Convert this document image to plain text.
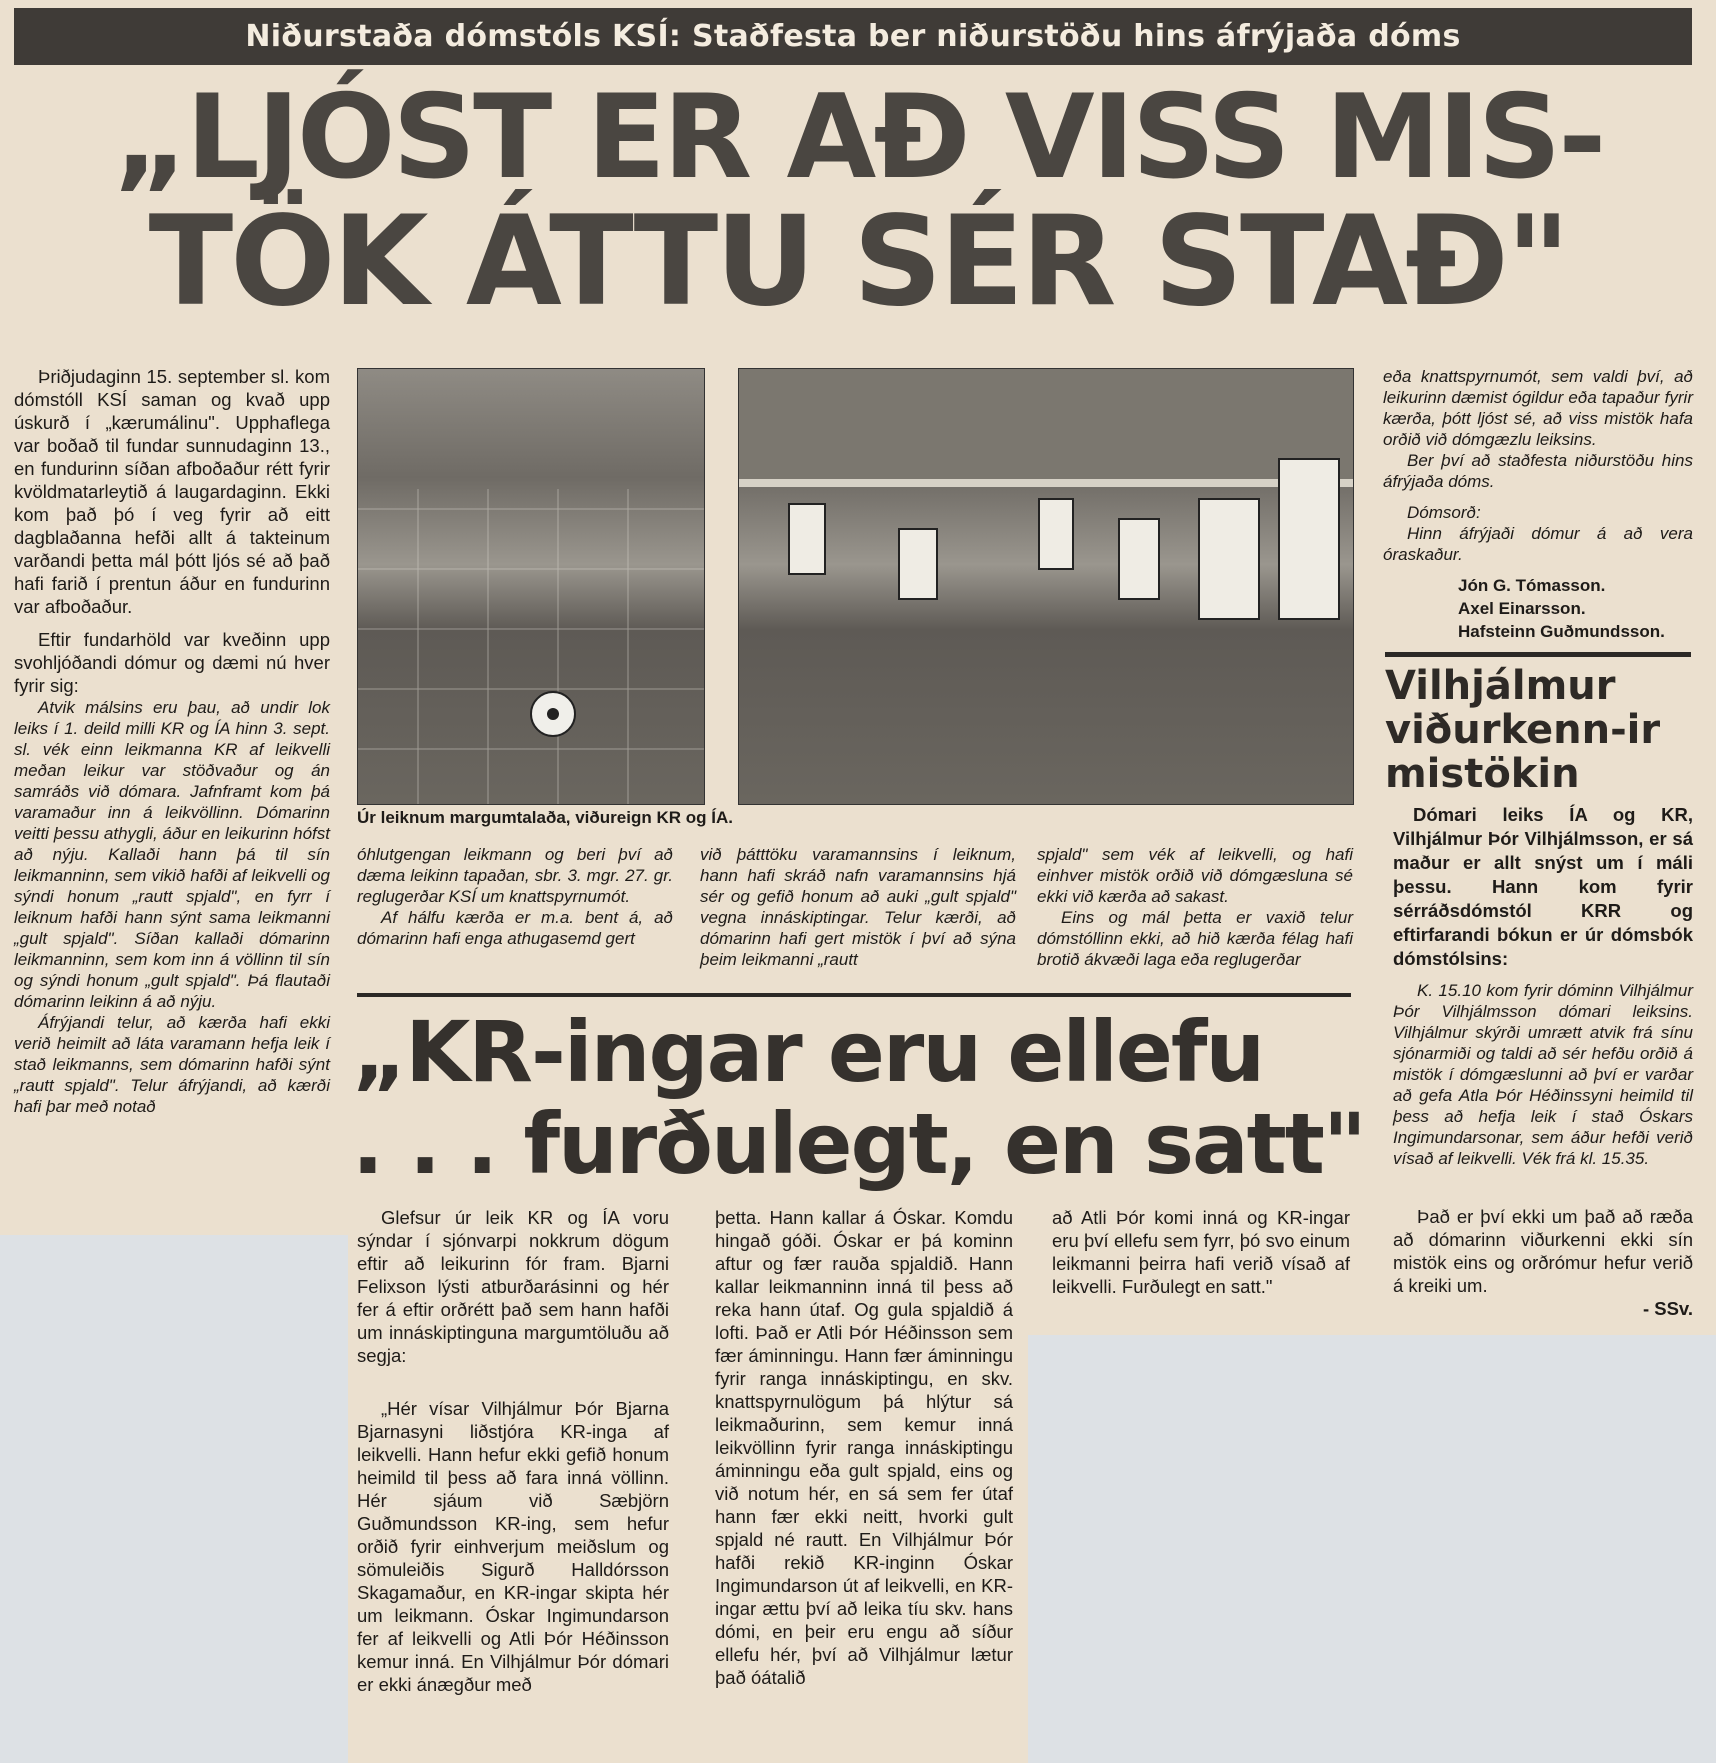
Niðurstaða dómstóls KSÍ: Staðfesta ber niðurstöðu hins áfrýjaða dóms
„LJÓST ER AÐ VISS MIS-
TÖK ÁTTU SÉR STAÐ"

Þriðjudaginn 15. september sl. kom dómstóll KSÍ saman og kvað upp úskurð í „kærumálinu". Upphaflega var boðað til fundar sunnudaginn 13., en fundurinn síðan afboðaður rétt fyrir kvöldmatarleytið á laugardaginn. Ekki kom það þó í veg fyrir að eitt dagblaðanna hefði allt á takteinum varðandi þetta mál þótt ljós sé að það hafi farið í prentun áður en fundurinn var afboðaður.

Eftir fundarhöld var kveðinn upp svohljóðandi dómur og dæmi nú hver fyrir sig:

Atvik málsins eru þau, að undir lok leiks í 1. deild milli KR og ÍA hinn 3. sept. sl. vék einn leikmanna KR af leikvelli meðan leikur var stöðvaður og án samráðs við dómara. Jafnframt kom þá varamaður inn á leikvöllinn. Dómarinn veitti þessu athygli, áður en leikurinn hófst að nýju. Kallaði hann þá til sín leikmanninn, sem vikið hafði af leikvelli og sýndi honum „rautt spjald", en fyrr í leiknum hafði hann sýnt sama leikmanni „gult spjald". Síðan kallaði dómarinn leikmanninn, sem kom inn á völlinn til sín og sýndi honum „gult spjald". Þá flautaði dómarinn leikinn á að nýju.

Áfrýjandi telur, að kærða hafi ekki verið heimilt að láta varamann hefja leik í stað leikmanns, sem dómarinn hafði sýnt „rautt spjald". Telur áfrýjandi, að kærði hafi þar með notað

Úr leiknum margumtalaða, viðureign KR og ÍA.

óhlutgengan leikmann og beri því að dæma leikinn tapaðan, sbr. 3. mgr. 27. gr. reglugerðar KSÍ um knattspyrnumót.

Af hálfu kærða er m.a. bent á, að dómarinn hafi enga athugasemd gert

við þátttöku varamannsins í leiknum, hann hafi skráð nafn varamannsins hjá sér og gefið honum að auki „gult spjald" vegna innáskiptingar. Telur kærði, að dómarinn hafi gert mistök í því að sýna þeim leikmanni „rautt

spjald" sem vék af leikvelli, og hafi einhver mistök orðið við dómgæsluna sé ekki við kærða að sakast.

Eins og mál þetta er vaxið telur dómstóllinn ekki, að hið kærða félag hafi brotið ákvæði laga eða reglugerðar

„KR-ingar eru ellefu
. . . furðulegt, en satt"

eða knattspyrnumót, sem valdi því, að leikurinn dæmist ógildur eða tapaður fyrir kærða, þótt ljóst sé, að viss mistök hafa orðið við dómgæzlu leiksins.

Ber því að staðfesta niðurstöðu hins áfrýjaða dóms.

Dómsorð:

Hinn áfrýjaði dómur á að vera óraskaður.

Jón G. Tómasson.

Axel Einarsson.

Hafsteinn Guðmundsson.

Vilhjálmur viðurkenn-ir mistökin

Dómari leiks ÍA og KR, Vilhjálmur Þór Vilhjálmsson, er sá maður er allt snýst um í máli þessu. Hann kom fyrir sérráðsdómstól KRR og eftirfarandi bókun er úr dómsbók dómstólsins:

K. 15.10 kom fyrir dóminn Vilhjálmur Þór Vilhjálmsson dómari leiksins. Vilhjálmur skýrði umrætt atvik frá sínu sjónarmiði og taldi að sér hefðu orðið á mistök í dómgæslunni að því er varðar að gefa Atla Þór Héðinssyni heimild til þess að hefja leik í stað Óskars Ingimundarsonar, sem áður hefði verið vísað af leikvelli. Vék frá kl. 15.35.

Það er því ekki um það að ræða að dómarinn viðurkenni ekki sín mistök eins og orðrómur hefur verið á kreiki um.

- SSv.

Glefsur úr leik KR og ÍA voru sýndar í sjónvarpi nokkrum dögum eftir að leikurinn fór fram. Bjarni Felixson lýsti atburðarásinni og hér fer á eftir orðrétt það sem hann hafði um innáskiptinguna margumtöluðu að segja:

„Hér vísar Vilhjálmur Þór Bjarna Bjarnasyni liðstjóra KR-inga af leikvelli. Hann hefur ekki gefið honum heimild til þess að fara inná völlinn. Hér sjáum við Sæbjörn Guðmundsson KR-ing, sem hefur orðið fyrir einhverjum meiðslum og sömuleiðis Sigurð Halldórsson Skagamaður, en KR-ingar skipta hér um leikmann. Óskar Ingimundarson fer af leikvelli og Atli Þór Héðinsson kemur inná. En Vilhjálmur Þór dómari er ekki ánægður með

þetta. Hann kallar á Óskar. Komdu hingað góði. Óskar er þá kominn aftur og fær rauða spjaldið. Hann kallar leikmanninn inná til þess að reka hann útaf. Og gula spjaldið á lofti. Það er Atli Þór Héðinsson sem fær áminningu. Hann fær áminningu fyrir ranga innáskiptingu, en skv. knattspyrnulögum þá hlýtur sá leikmaðurinn, sem kemur inná leikvöllinn fyrir ranga innáskiptingu áminningu eða gult spjald, eins og við notum hér, en sá sem fer útaf hann fær ekki neitt, hvorki gult spjald né rautt. En Vilhjálmur Þór hafði rekið KR-inginn Óskar Ingimundarson út af leikvelli, en KR-ingar ættu því að leika tíu skv. hans dómi, en þeir eru engu að síður ellefu hér, því að Vilhjálmur lætur það óátalið

að Atli Þór komi inná og KR-ingar eru því ellefu sem fyrr, þó svo einum leikmanni þeirra hafi verið vísað af leikvelli. Furðulegt en satt."
